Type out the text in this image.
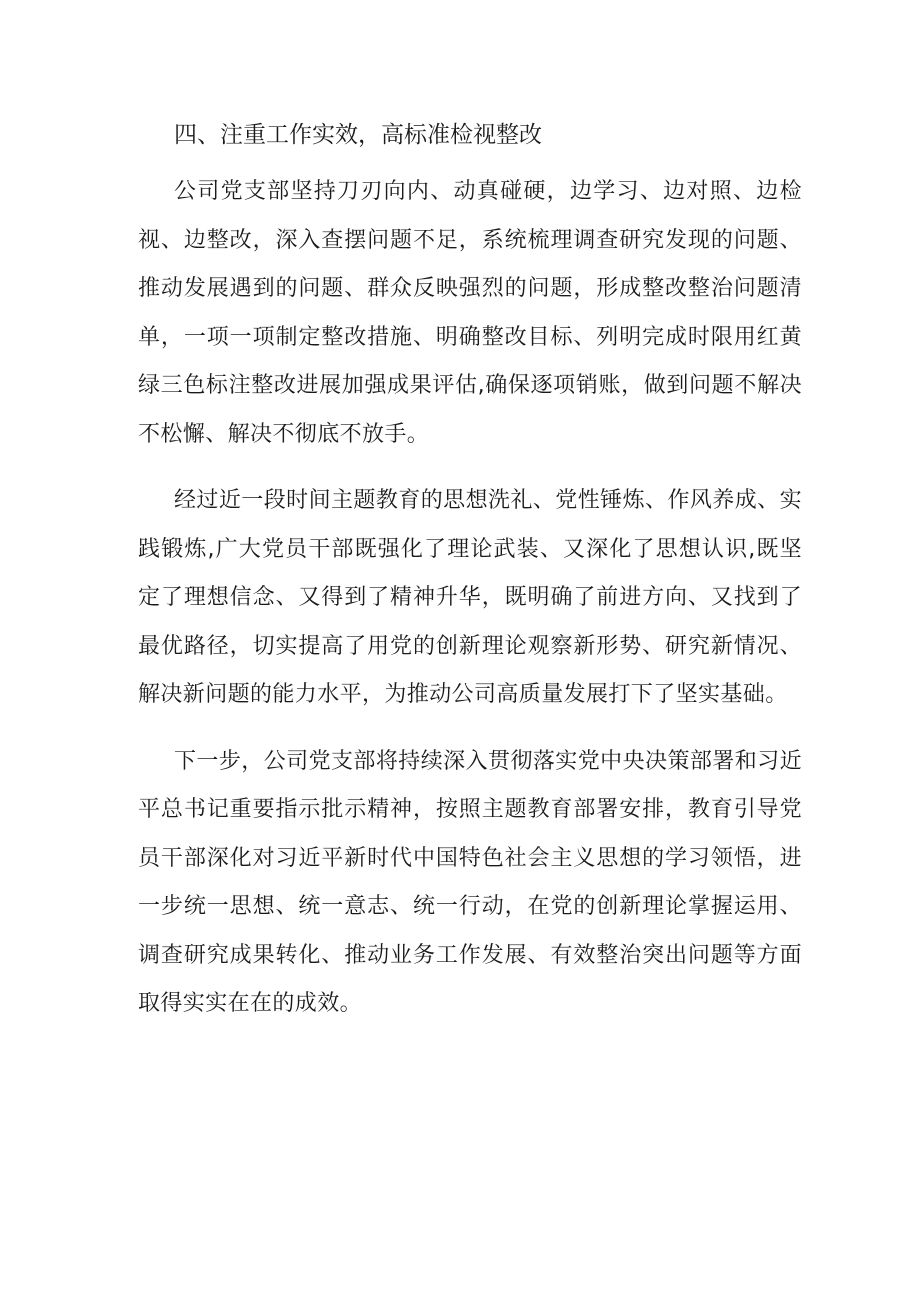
四、注重工作实效，高标准检视整改

公司党支部坚持刀刃向内、动真碰硬，边学习、边对照、边检视、边整改，深入查摆问题不足，系统梳理调查研究发现的问题、推动发展遇到的问题、群众反映强烈的问题，形成整改整治问题清单，一项一项制定整改措施、明确整改目标、列明完成时限用红黄绿三色标注整改进展加强成果评估,确保逐项销账，做到问题不解决不松懈、解决不彻底不放手。

经过近一段时间主题教育的思想洗礼、党性锤炼、作风养成、实践锻炼,广大党员干部既强化了理论武装、又深化了思想认识,既坚定了理想信念、又得到了精神升华，既明确了前进方向、又找到了最优路径，切实提高了用党的创新理论观察新形势、研究新情况、解决新问题的能力水平，为推动公司高质量发展打下了坚实基础。

下一步，公司党支部将持续深入贯彻落实党中央决策部署和习近平总书记重要指示批示精神，按照主题教育部署安排，教育引导党员干部深化对习近平新时代中国特色社会主义思想的学习领悟，进一步统一思想、统一意志、统一行动，在党的创新理论掌握运用、调查研究成果转化、推动业务工作发展、有效整治突出问题等方面取得实实在在的成效。
